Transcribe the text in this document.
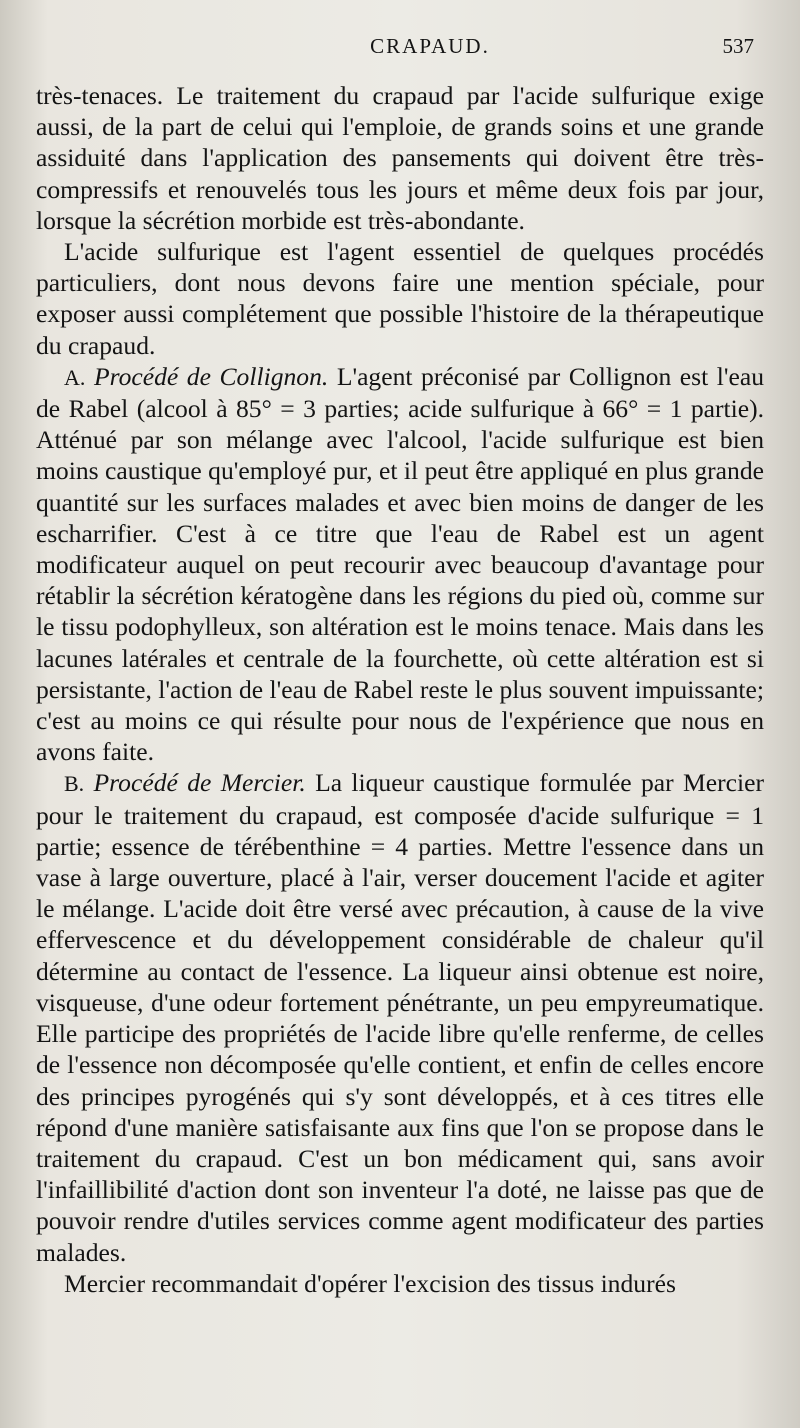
CRAPAUD.	537

très-tenaces. Le traitement du crapaud par l'acide sulfurique exige aussi, de la part de celui qui l'emploie, de grands soins et une grande assiduité dans l'application des pansements qui doivent être très-compressifs et renouvelés tous les jours et même deux fois par jour, lorsque la sécrétion morbide est très-abondante.

L'acide sulfurique est l'agent essentiel de quelques procédés particuliers, dont nous devons faire une mention spéciale, pour exposer aussi complétement que possible l'histoire de la thérapeutique du crapaud.

A. Procédé de Collignon. L'agent préconisé par Collignon est l'eau de Rabel (alcool à 85° = 3 parties; acide sulfurique à 66° = 1 partie). Atténué par son mélange avec l'alcool, l'acide sulfurique est bien moins caustique qu'employé pur, et il peut être appliqué en plus grande quantité sur les surfaces malades et avec bien moins de danger de les escharrifier. C'est à ce titre que l'eau de Rabel est un agent modificateur auquel on peut recourir avec beaucoup d'avantage pour rétablir la sécrétion kératogène dans les régions du pied où, comme sur le tissu podophylleux, son altération est le moins tenace. Mais dans les lacunes latérales et centrale de la fourchette, où cette altération est si persistante, l'action de l'eau de Rabel reste le plus souvent impuissante; c'est au moins ce qui résulte pour nous de l'expérience que nous en avons faite.

B. Procédé de Mercier. La liqueur caustique formulée par Mercier pour le traitement du crapaud, est composée d'acide sulfurique = 1 partie; essence de térébenthine = 4 parties. Mettre l'essence dans un vase à large ouverture, placé à l'air, verser doucement l'acide et agiter le mélange. L'acide doit être versé avec précaution, à cause de la vive effervescence et du développement considérable de chaleur qu'il détermine au contact de l'essence. La liqueur ainsi obtenue est noire, visqueuse, d'une odeur fortement pénétrante, un peu empyreumatique. Elle participe des propriétés de l'acide libre qu'elle renferme, de celles de l'essence non décomposée qu'elle contient, et enfin de celles encore des principes pyrogénés qui s'y sont développés, et à ces titres elle répond d'une manière satisfaisante aux fins que l'on se propose dans le traitement du crapaud. C'est un bon médicament qui, sans avoir l'infaillibilité d'action dont son inventeur l'a doté, ne laisse pas que de pouvoir rendre d'utiles services comme agent modificateur des parties malades.

Mercier recommandait d'opérer l'excision des tissus indurés
